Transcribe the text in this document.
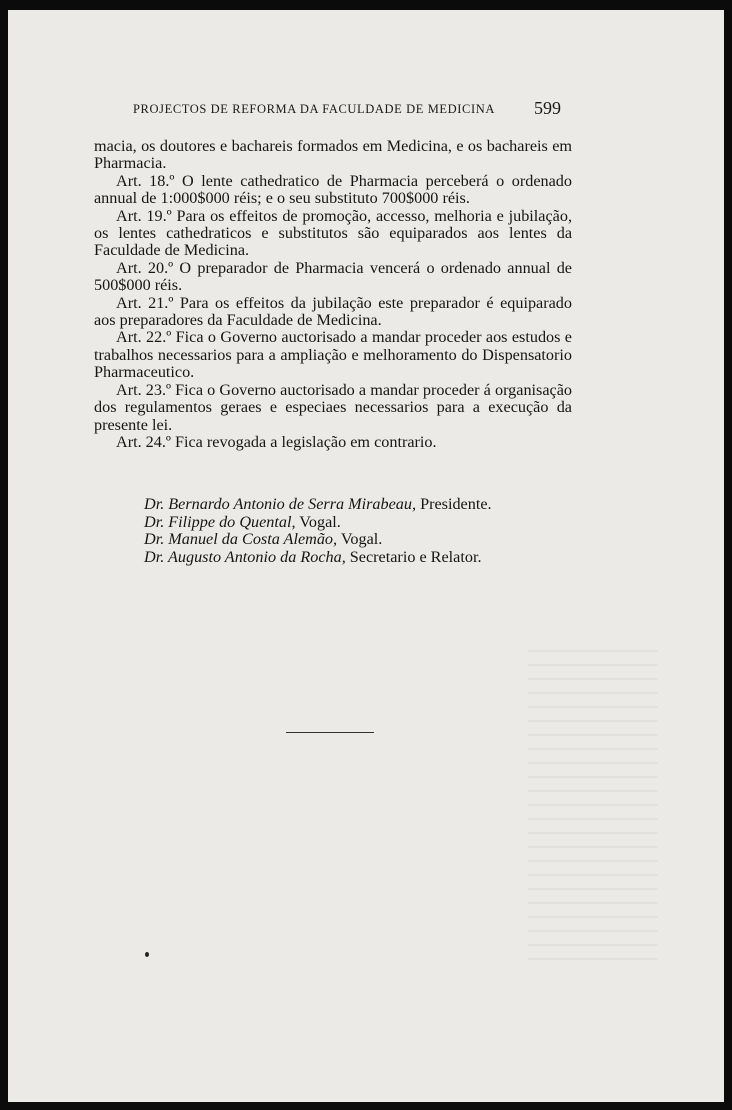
PROJECTOS DE REFORMA DA FACULDADE DE MEDICINA 599

macia, os doutores e bachareis formados em Medicina, e os bachareis em Pharmacia.

Art. 18.º O lente cathedratico de Pharmacia perceberá o ordenado annual de 1:000$000 réis; e o seu substituto 700$000 réis.

Art. 19.º Para os effeitos de promoção, accesso, melhoria e jubilação, os lentes cathedraticos e substitutos são equiparados aos lentes da Faculdade de Medicina.

Art. 20.º O preparador de Pharmacia vencerá o ordenado annual de 500$000 réis.

Art. 21.º Para os effeitos da jubilação este preparador é equiparado aos preparadores da Faculdade de Medicina.

Art. 22.º Fica o Governo auctorisado a mandar proceder aos estudos e trabalhos necessarios para a ampliação e melhoramento do Dispensatorio Pharmaceutico.

Art. 23.º Fica o Governo auctorisado a mandar proceder á organisação dos regulamentos geraes e especiaes necessarios para a execução da presente lei.

Art. 24.º Fica revogada a legislação em contrario.

Dr. Bernardo Antonio de Serra Mirabeau, Presidente.
Dr. Filippe do Quental, Vogal.
Dr. Manuel da Costa Alemão, Vogal.
Dr. Augusto Antonio da Rocha, Secretario e Relator.
